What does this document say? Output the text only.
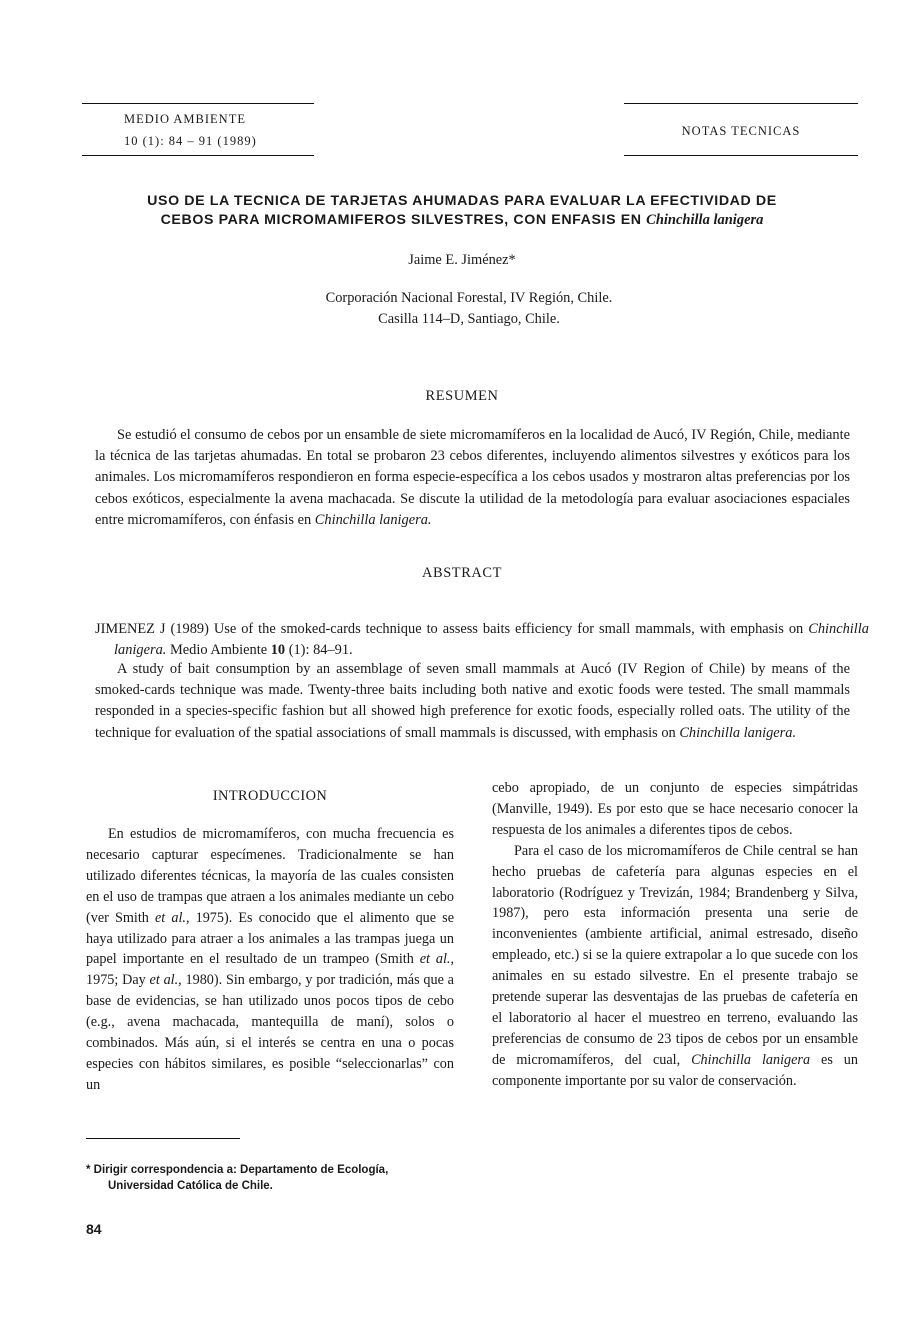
MEDIO AMBIENTE
10 (1): 84 – 91 (1989)
NOTAS TECNICAS
USO DE LA TECNICA DE TARJETAS AHUMADAS PARA EVALUAR LA EFECTIVIDAD DE
CEBOS PARA MICROMAMIFEROS SILVESTRES, CON ENFASIS EN Chinchilla lanigera
Jaime E. Jiménez*
Corporación Nacional Forestal, IV Región, Chile.
Casilla 114–D, Santiago, Chile.
RESUMEN
Se estudió el consumo de cebos por un ensamble de siete micromamíferos en la localidad de Aucó, IV Región, Chile, mediante la técnica de las tarjetas ahumadas. En total se probaron 23 cebos diferentes, incluyendo alimentos silvestres y exóticos para los animales. Los micromamíferos respondieron en forma especie-específica a los cebos usados y mostraron altas preferencias por los cebos exóticos, especialmente la avena machacada. Se discute la utilidad de la metodología para evaluar asociaciones espaciales entre micromamíferos, con énfasis en Chinchilla lanigera.
ABSTRACT
JIMENEZ J (1989) Use of the smoked-cards technique to assess baits efficiency for small mammals, with emphasis on Chinchilla lanigera. Medio Ambiente 10 (1): 84–91.
A study of bait consumption by an assemblage of seven small mammals at Aucó (IV Region of Chile) by means of the smoked-cards technique was made. Twenty-three baits including both native and exotic foods were tested. The small mammals responded in a species-specific fashion but all showed high preference for exotic foods, especially rolled oats. The utility of the technique for evaluation of the spatial associations of small mammals is discussed, with emphasis on Chinchilla lanigera.
INTRODUCCION
En estudios de micromamíferos, con mucha frecuencia es necesario capturar especímenes. Tradicionalmente se han utilizado diferentes técnicas, la mayoría de las cuales consisten en el uso de trampas que atraen a los animales mediante un cebo (ver Smith et al., 1975). Es conocido que el alimento que se haya utilizado para atraer a los animales a las trampas juega un papel importante en el resultado de un trampeo (Smith et al., 1975; Day et al., 1980). Sin embargo, y por tradición, más que a base de evidencias, se han utilizado unos pocos tipos de cebo (e.g., avena machacada, mantequilla de maní), solos o combinados. Más aún, si el interés se centra en una o pocas especies con hábitos similares, es posible “seleccionarlas” con un

cebo apropiado, de un conjunto de especies simpátridas (Manville, 1949). Es por esto que se hace necesario conocer la respuesta de los animales a diferentes tipos de cebos.

Para el caso de los micromamíferos de Chile central se han hecho pruebas de cafetería para algunas especies en el laboratorio (Rodríguez y Trevizán, 1984; Brandenberg y Silva, 1987), pero esta información presenta una serie de inconvenientes (ambiente artificial, animal estresado, diseño empleado, etc.) si se la quiere extrapolar a lo que sucede con los animales en su estado silvestre. En el presente trabajo se pretende superar las desventajas de las pruebas de cafetería en el laboratorio al hacer el muestreo en terreno, evaluando las preferencias de consumo de 23 tipos de cebos por un ensamble de micromamíferos, del cual, Chinchilla lanigera es un componente importante por su valor de conservación.

* Dirigir correspondencia a: Departamento de Ecología,
Universidad Católica de Chile.
84
